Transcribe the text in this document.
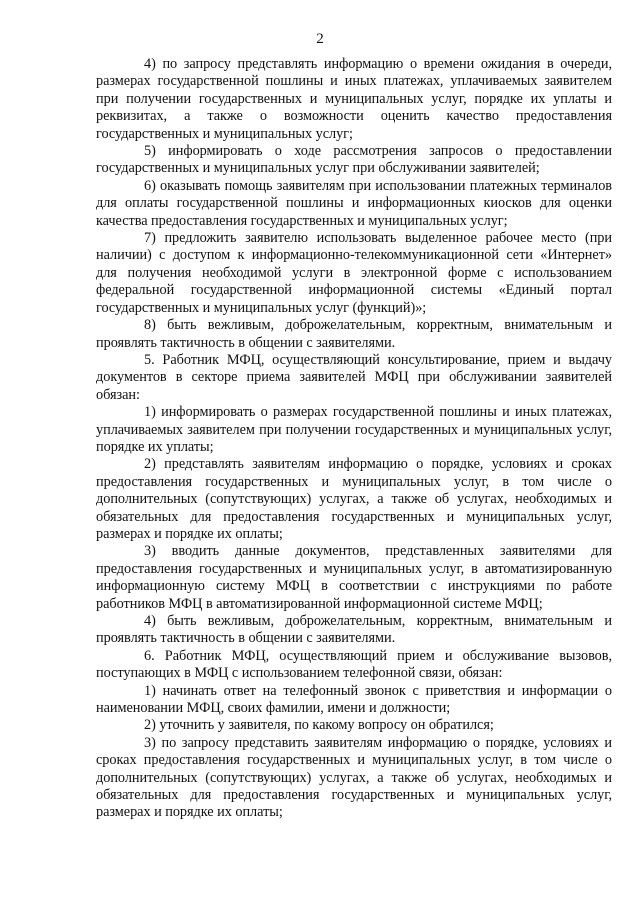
2

4) по запросу представлять информацию о времени ожидания в очереди, размерах государственной пошлины и иных платежах, уплачиваемых заявителем при получении государственных и муниципальных услуг, порядке их уплаты и реквизитах, а также о возможности оценить качество предоставления государственных и муниципальных услуг;

5) информировать о ходе рассмотрения запросов о предоставлении государственных и муниципальных услуг при обслуживании заявителей;

6) оказывать помощь заявителям при использовании платежных терминалов для оплаты государственной пошлины и информационных киосков для оценки качества предоставления государственных и муниципальных услуг;

7) предложить заявителю использовать выделенное рабочее место (при наличии) с доступом к информационно-телекоммуникационной сети «Интернет» для получения необходимой услуги в электронной форме с использованием федеральной государственной информационной системы «Единый портал государственных и муниципальных услуг (функций)»;

8) быть вежливым, доброжелательным, корректным, внимательным и проявлять тактичность в общении с заявителями.

5. Работник МФЦ, осуществляющий консультирование, прием и выдачу документов в секторе приема заявителей МФЦ при обслуживании заявителей обязан:

1) информировать о размерах государственной пошлины и иных платежах, уплачиваемых заявителем при получении государственных и муниципальных услуг, порядке их уплаты;

2) представлять заявителям информацию о порядке, условиях и сроках предоставления государственных и муниципальных услуг, в том числе о дополнительных (сопутствующих) услугах, а также об услугах, необходимых и обязательных для предоставления государственных и муниципальных услуг, размерах и порядке их оплаты;

3) вводить данные документов, представленных заявителями для предоставления государственных и муниципальных услуг, в автоматизированную информационную систему МФЦ в соответствии с инструкциями по работе работников МФЦ в автоматизированной информационной системе МФЦ;

4) быть вежливым, доброжелательным, корректным, внимательным и проявлять тактичность в общении с заявителями.

6. Работник МФЦ, осуществляющий прием и обслуживание вызовов, поступающих в МФЦ с использованием телефонной связи, обязан:

1) начинать ответ на телефонный звонок с приветствия и информации о наименовании МФЦ, своих фамилии, имени и должности;

2) уточнить у заявителя, по какому вопросу он обратился;

3) по запросу представить заявителям информацию о порядке, условиях и сроках предоставления государственных и муниципальных услуг, в том числе о дополнительных (сопутствующих) услугах, а также об услугах, необходимых и обязательных для предоставления государственных и муниципальных услуг, размерах и порядке их оплаты;
